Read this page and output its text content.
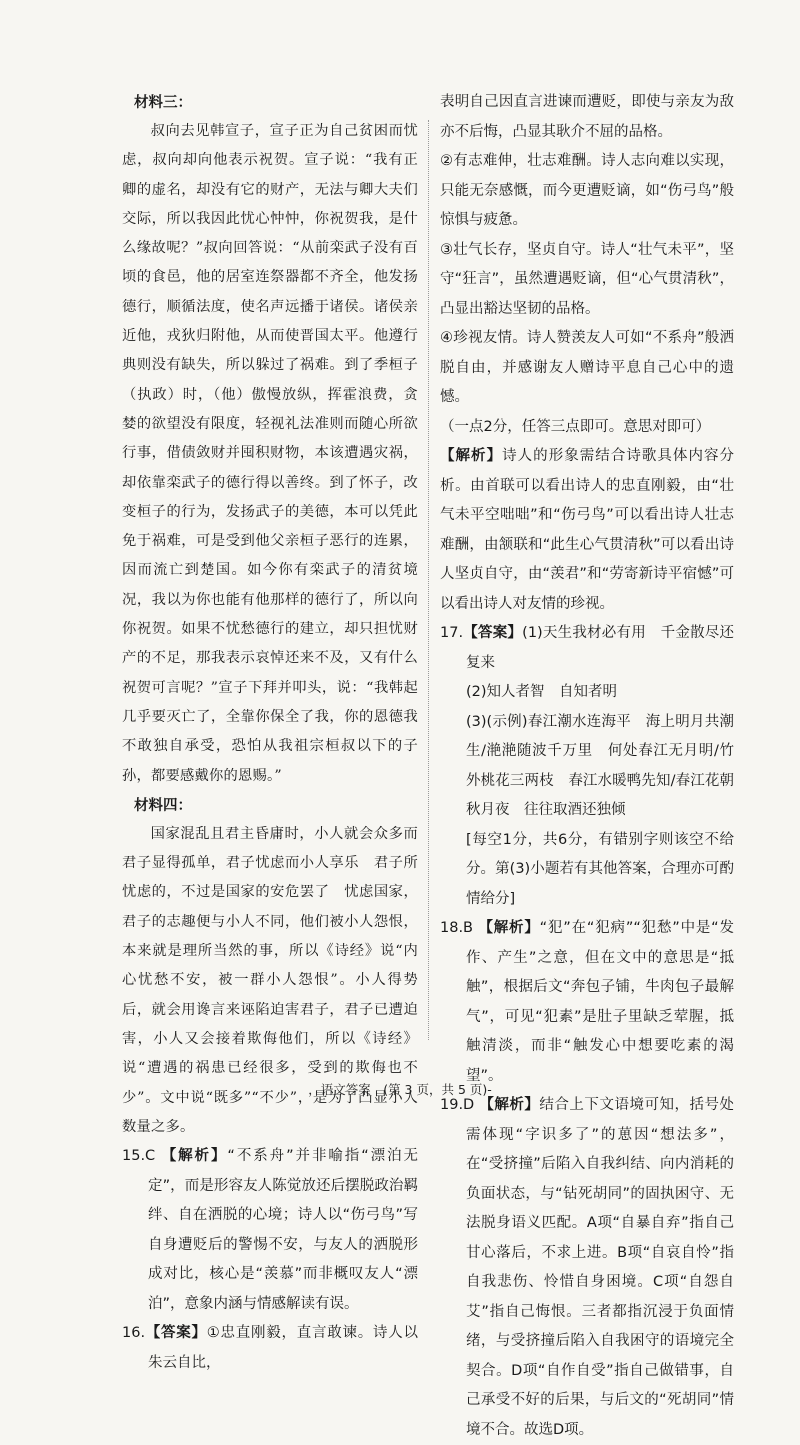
材料三：

叔向去见韩宣子，宣子正为自己贫困而忧虑，叔向却向他表示祝贺。宣子说：“我有正卿的虚名，却没有它的财产，无法与卿大夫们交际，所以我因此忧心忡忡，你祝贺我，是什么缘故呢？”叔向回答说：“从前栾武子没有百顷的食邑，他的居室连祭器都不齐全，他发扬德行，顺循法度，使名声远播于诸侯。诸侯亲近他，戎狄归附他，从而使晋国太平。他遵行典则没有缺失，所以躲过了祸难。到了季桓子（执政）时，（他）傲慢放纵，挥霍浪费，贪婪的欲望没有限度，轻视礼法准则而随心所欲行事，借债敛财并囤积财物，本该遭遇灾祸，却依靠栾武子的德行得以善终。到了怀子，改变桓子的行为，发扬武子的美德，本可以凭此免于祸难，可是受到他父亲桓子恶行的连累，因而流亡到楚国。如今你有栾武子的清贫境况，我以为你也能有他那样的德行了，所以向你祝贺。如果不忧愁德行的建立，却只担忧财产的不足，那我表示哀悼还来不及，又有什么祝贺可言呢？”宣子下拜并叩头，说：“我韩起几乎要灭亡了，全靠你保全了我，你的恩德我不敢独自承受，恐怕从我祖宗桓叔以下的子孙，都要感戴你的恩赐。”

材料四：

国家混乱且君主昏庸时，小人就会众多而君子显得孤单，君子忧虑而小人享乐　君子所忧虑的，不过是国家的安危罢了　忧虑国家，君子的志趣便与小人不同，他们被小人怨恨，本来就是理所当然的事，所以《诗经》说“内心忧愁不安，被一群小人怨恨”。小人得势后，就会用谗言来诬陷迫害君子，君子已遭迫害，小人又会接着欺侮他们，所以《诗经》说“遭遇的祸患已经很多，受到的欺侮也不少”。文中说“既多”“不少”，是为了凸显小人数量之多。

15.C 【解析】“不系舟”并非喻指“漂泊无定”，而是形容友人陈觉放还后摆脱政治羁绊、自在洒脱的心境；诗人以“伤弓鸟”写自身遭贬后的警惕不安，与友人的洒脱形成对比，核心是“羡慕”而非概叹友人“漂泊”，意象内涵与情感解读有误。

16.【答案】①忠直刚毅，直言敢谏。诗人以朱云自比，

表明自己因直言进谏而遭贬，即使与亲友为敌亦不后悔，凸显其耿介不屈的品格。

②有志难伸，壮志难酬。诗人志向难以实现，只能无奈感慨，而今更遭贬谪，如“伤弓鸟”般惊惧与疲惫。

③壮气长存，坚贞自守。诗人“壮气未平”，坚守“狂言”，虽然遭遇贬谪，但“心气贯清秋”，凸显出豁达坚韧的品格。

④珍视友情。诗人赞羡友人可如“不系舟”般洒脱自由，并感谢友人赠诗平息自己心中的遗憾。

（一点2分，任答三点即可。意思对即可）

【解析】诗人的形象需结合诗歌具体内容分析。由首联可以看出诗人的忠直刚毅，由“壮气未平空咄咄”和“伤弓鸟”可以看出诗人壮志难酬，由颔联和“此生心气贯清秋”可以看出诗人坚贞自守，由“羡君”和“劳寄新诗平宿憾”可以看出诗人对友情的珍视。

17.【答案】(1)天生我材必有用　千金散尽还复来

(2)知人者智　自知者明

(3)(示例)春江潮水连海平　海上明月共潮生/滟滟随波千万里　何处春江无月明/竹外桃花三两枝　春江水暖鸭先知/春江花朝秋月夜　往往取酒还独倾

[每空1分，共6分，有错别字则该空不给分。第(3)小题若有其他答案，合理亦可酌情给分]

18.B 【解析】“犯”在“犯病”“犯愁”中是“发作、产生”之意，但在文中的意思是“抵触”，根据后文“奔包子铺，牛肉包子最解气”，可见“犯素”是肚子里缺乏荤腥，抵触清淡，而非“触发心中想要吃素的渴望”。

19.D 【解析】结合上下文语境可知，括号处需体现“字识多了”的葸因“想法多”，在“受挤撞”后陷入自我纠结、向内消耗的负面状态，与“钻死胡同”的固执困守、无法脱身语义匹配。A项“自暴自弃”指自己甘心落后，不求上进。B项“自哀自怜”指自我悲伤、怜惜自身困境。C项“自怨自艾”指自己悔恨。三者都指沉浸于负面情绪，与受挤撞后陷入自我困守的语境完全契合。D项“自作自受”指自己做错事，自己承受不好的后果，与后文的“死胡同”情境不合。故选D项。

，语文答案　(第 3 页，共 5 页)-
